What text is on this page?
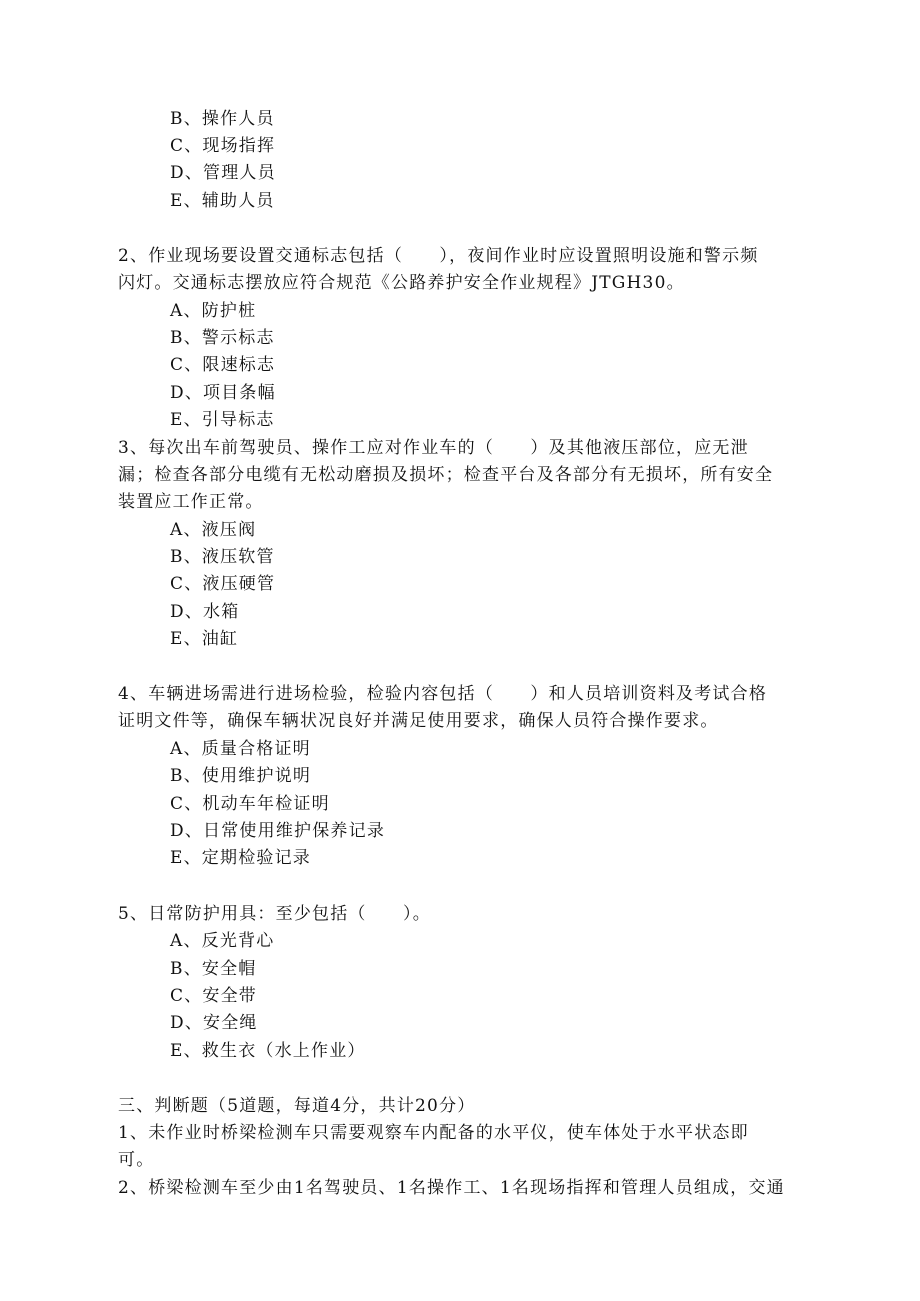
B、操作人员
C、现场指挥
D、管理人员
E、辅助人员
2、作业现场要设置交通标志包括（　　），夜间作业时应设置照明设施和警示频
闪灯。交通标志摆放应符合规范《公路养护安全作业规程》JTGH30。
A、防护桩
B、警示标志
C、限速标志
D、项目条幅
E、引导标志
3、每次出车前驾驶员、操作工应对作业车的（　　）及其他液压部位，应无泄
漏；检查各部分电缆有无松动磨损及损坏；检查平台及各部分有无损坏，所有安全
装置应工作正常。
A、液压阀
B、液压软管
C、液压硬管
D、水箱
E、油缸
4、车辆进场需进行进场检验，检验内容包括（　　）和人员培训资料及考试合格
证明文件等，确保车辆状况良好并满足使用要求，确保人员符合操作要求。
A、质量合格证明
B、使用维护说明
C、机动车年检证明
D、日常使用维护保养记录
E、定期检验记录
5、日常防护用具：至少包括（　　）。
A、反光背心
B、安全帽
C、安全带
D、安全绳
E、救生衣（水上作业）
三、判断题（5道题，每道4分，共计20分）
1、未作业时桥梁检测车只需要观察车内配备的水平仪，使车体处于水平状态即
可。
2、桥梁检测车至少由1名驾驶员、1名操作工、1名现场指挥和管理人员组成，交通
